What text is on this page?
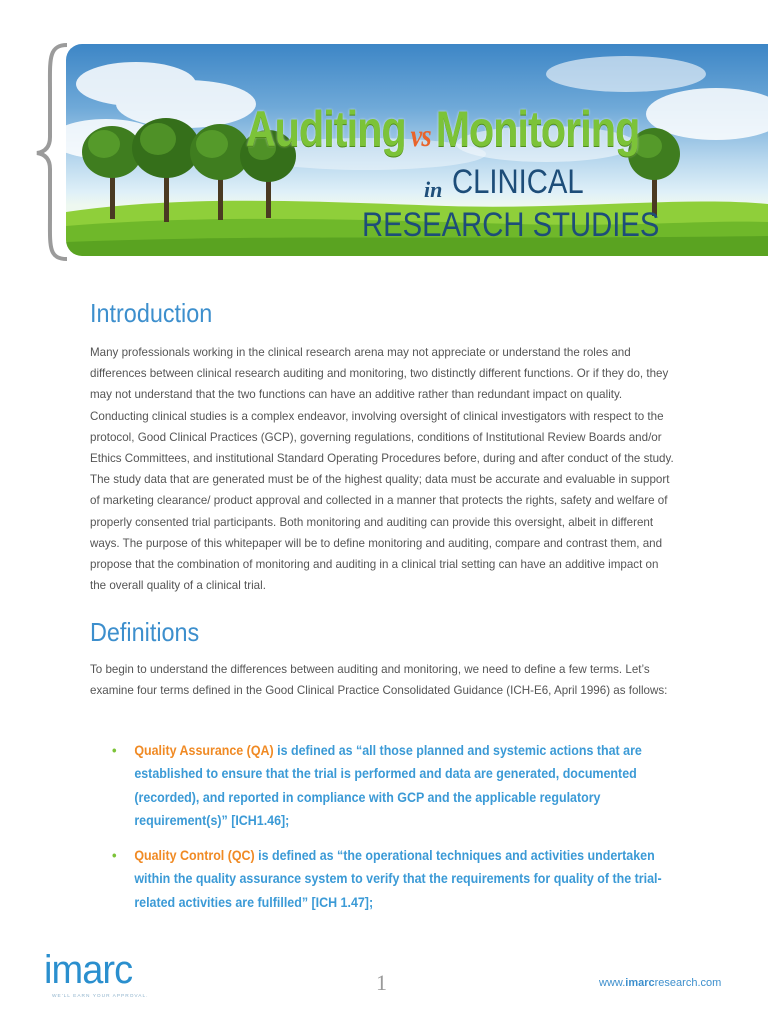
Auditing vsMonitoring
in CLINICAL
RESEARCH STUDIES
Introduction

Many professionals working in the clinical research arena may not appreciate or understand the roles and differences between clinical research auditing and monitoring, two distinctly different functions. Or if they do, they may not understand that the two functions can have an additive rather than redundant impact on quality. Conducting clinical studies is a complex endeavor, involving oversight of clinical investigators with respect to the protocol, Good Clinical Practices (GCP), governing regulations, conditions of Institutional Review Boards and/or Ethics Committees, and institutional Standard Operating Procedures before, during and after conduct of the study. The study data that are generated must be of the highest quality; data must be accurate and evaluable in support of marketing clearance/ product approval and collected in a manner that protects the rights, safety and welfare of properly consented trial participants. Both monitoring and auditing can provide this oversight, albeit in different ways. The purpose of this whitepaper will be to define monitoring and auditing, compare and contrast them, and propose that the combination of monitoring and auditing in a clinical trial setting can have an additive impact on the overall quality of a clinical trial.

Definitions

To begin to understand the differences between auditing and monitoring, we need to define a few terms. Let’s examine four terms defined in the Good Clinical Practice Consolidated Guidance (ICH-E6, April 1996) as follows:

• Quality Assurance (QA) is defined as “all those planned and systemic actions that are established to ensure that the trial is performed and data are generated, documented (recorded), and reported in compliance with GCP and the applicable regulatory requirement(s)” [ICH1.46];
• Quality Control (QC) is defined as “the operational techniques and activities undertaken within the quality assurance system to verify that the requirements for quality of the trial-related activities are fulfilled” [ICH 1.47];
imarc
WE'LL EARN YOUR APPROVAL.
1	www.imarcresearch.com
